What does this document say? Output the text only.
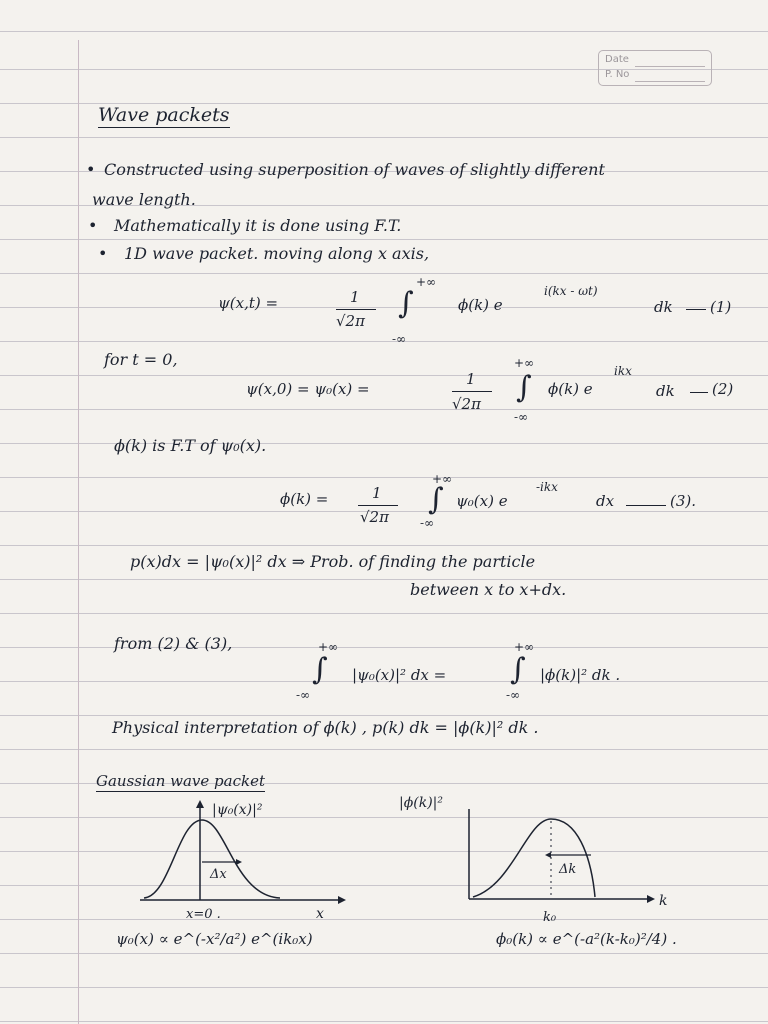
Date
P. No
Wave packets
• Constructed using superposition of waves of slightly different
wave length.
• Mathematically it is done using F.T.
• 1D wave packet. moving along x axis,
ψ(x,t) =	1
√2π ∫
+∞
-∞
ϕ(k) e
i(kx - ωt)
dk (1)
for t = 0,
ψ(x,0) = ψ₀(x) =
1
√2π ∫
+∞
-∞
ϕ(k) e
ikx
dk (2)
ϕ(k) is F.T of ψ₀(x).
ϕ(k) =	1
√2π ∫
+∞
-∞
ψ₀(x) e
-ikx
dx	(3).
p(x)dx = |ψ₀(x)|² dx ⇒ Prob. of finding the particle
between x to x+dx.
from (2) & (3),	+∞
∫
-∞
|ψ₀(x)|² dx =
+∞
∫
-∞
|ϕ(k)|² dk .
Physical interpretation of ϕ(k) , p(k) dk = |ϕ(k)|² dk .
Gaussian wave packet
|ψ₀(x)|²
Δx
x=0 .	x
ψ₀(x) ∝ e^(-x²/a²) e^(ik₀x)
|ϕ(k)|²
Δk
k₀
k
ϕ₀(k) ∝ e^(-a²(k-k₀)²/4) .
